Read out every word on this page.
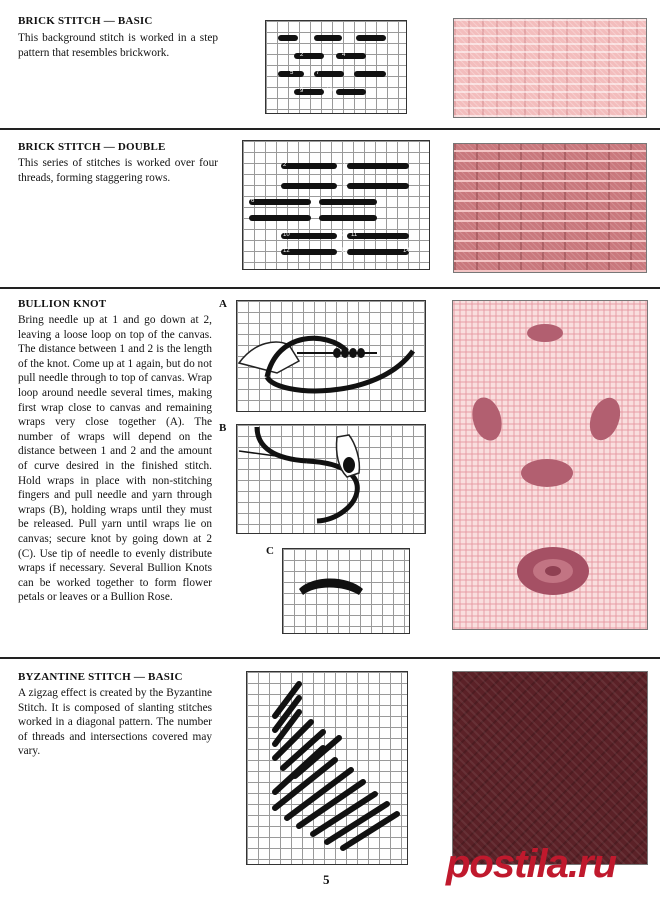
BRICK STITCH — BASIC
This background stitch is worked in a step pattern that resembles brickwork.	2	4
5	7
9	10
BRICK STITCH — DOUBLE
This series of stitches is worked over four threads, forming staggering rows.
2	1
3
6	5
8
10	9 11
12	13	14
BULLION KNOT
Bring needle up at 1 and go down at 2, leaving a loose loop on top of the canvas. The distance between 1 and 2 is the length of the knot. Come up at 1 again, but do not pull needle through to top of canvas. Wrap loop around needle several times, making first wrap close to canvas and remaining wraps very close together (A). The number of wraps will depend on the distance between 1 and 2 and the amount of curve desired in the finished stitch. Hold wraps in place with non-stitching fingers and pull needle and yarn through wraps (B), holding wraps until they must be released. Pull yarn until wraps lie on canvas; secure knot by going down at 2 (C). Use tip of needle to evenly distribute wraps if necessary. Several Bullion Knots can be worked together to form flower petals or leaves or a Bullion Rose.
A
B
C
BYZANTINE STITCH — BASIC
A zigzag effect is created by the Byzantine Stitch. It is composed of slanting stitches worked in a diagonal pattern. The number of threads and intersections covered may vary.
5	postila.ru
